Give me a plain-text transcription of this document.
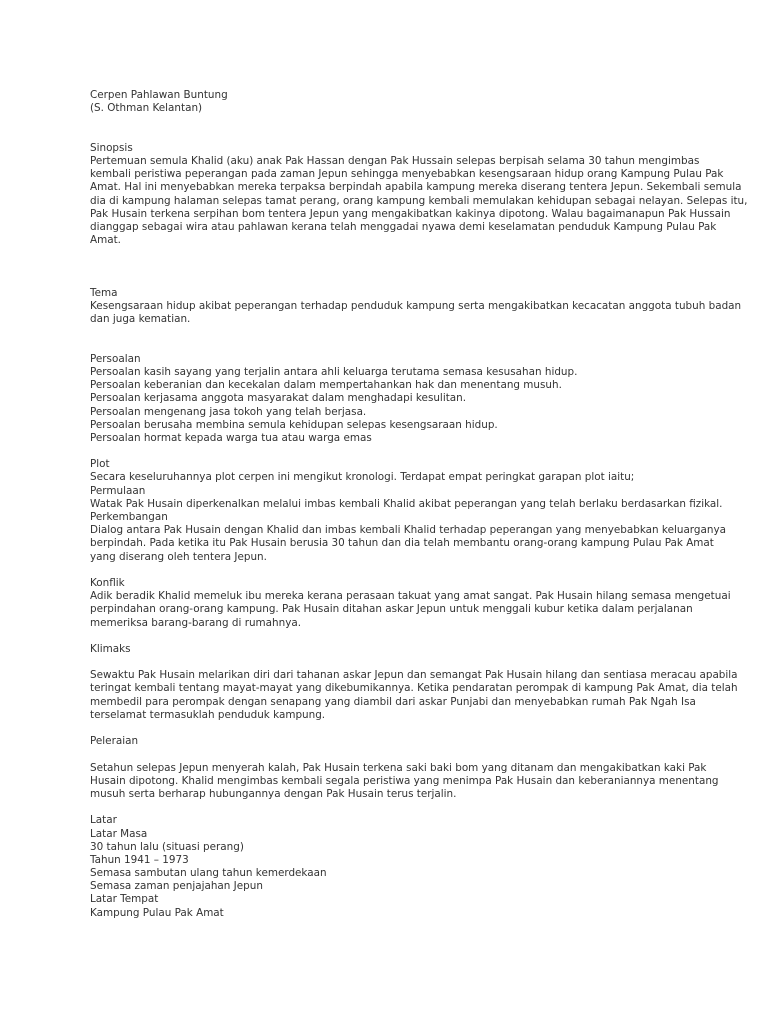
Cerpen Pahlawan Buntung
(S. Othman Kelantan)
Sinopsis
Pertemuan semula Khalid (aku) anak Pak Hassan dengan Pak Hussain selepas berpisah selama 30 tahun mengimbas
kembali peristiwa peperangan pada zaman Jepun sehingga menyebabkan kesengsaraan hidup orang Kampung Pulau Pak
Amat. Hal ini menyebabkan mereka terpaksa berpindah apabila kampung mereka diserang tentera Jepun. Sekembali semula
dia di kampung halaman selepas tamat perang, orang kampung kembali memulakan kehidupan sebagai nelayan. Selepas itu,
Pak Husain terkena serpihan bom tentera Jepun yang mengakibatkan kakinya dipotong. Walau bagaimanapun Pak Hussain
dianggap sebagai wira atau pahlawan kerana telah menggadai nyawa demi keselamatan penduduk Kampung Pulau Pak
Amat.
Tema
Kesengsaraan hidup akibat peperangan terhadap penduduk kampung serta mengakibatkan kecacatan anggota tubuh badan
dan juga kematian.
Persoalan
Persoalan kasih sayang yang terjalin antara ahli keluarga terutama semasa kesusahan hidup.
Persoalan keberanian dan kecekalan dalam mempertahankan hak dan menentang musuh.
Persoalan kerjasama anggota masyarakat dalam menghadapi kesulitan.
Persoalan mengenang jasa tokoh yang telah berjasa.
Persoalan berusaha membina semula kehidupan selepas kesengsaraan hidup.
Persoalan hormat kepada warga tua atau warga emas
Plot
Secara keseluruhannya plot cerpen ini mengikut kronologi. Terdapat empat peringkat garapan plot iaitu;
Permulaan
Watak Pak Husain diperkenalkan melalui imbas kembali Khalid akibat peperangan yang telah berlaku berdasarkan fizikal.
Perkembangan
Dialog antara Pak Husain dengan Khalid dan imbas kembali Khalid terhadap peperangan yang menyebabkan keluarganya
berpindah. Pada ketika itu Pak Husain berusia 30 tahun dan dia telah membantu orang-orang kampung Pulau Pak Amat
yang diserang oleh tentera Jepun.
Konflik
Adik beradik Khalid memeluk ibu mereka kerana perasaan takuat yang amat sangat. Pak Husain hilang semasa mengetuai
perpindahan orang-orang kampung. Pak Husain ditahan askar Jepun untuk menggali kubur ketika dalam perjalanan
memeriksa barang-barang di rumahnya.
Klimaks
Sewaktu Pak Husain melarikan diri dari tahanan askar Jepun dan semangat Pak Husain hilang dan sentiasa meracau apabila
teringat kembali tentang mayat-mayat yang dikebumikannya. Ketika pendaratan perompak di kampung Pak Amat, dia telah
membedil para perompak dengan senapang yang diambil dari askar Punjabi dan menyebabkan rumah Pak Ngah Isa
terselamat termasuklah penduduk kampung.
Peleraian
Setahun selepas Jepun menyerah kalah, Pak Husain terkena saki baki bom yang ditanam dan mengakibatkan kaki Pak
Husain dipotong. Khalid mengimbas kembali segala peristiwa yang menimpa Pak Husain dan keberaniannya menentang
musuh serta berharap hubungannya dengan Pak Husain terus terjalin.
Latar
Latar Masa
30 tahun lalu (situasi perang)
Tahun 1941 – 1973
Semasa sambutan ulang tahun kemerdekaan
Semasa zaman penjajahan Jepun
Latar Tempat
Kampung Pulau Pak Amat
